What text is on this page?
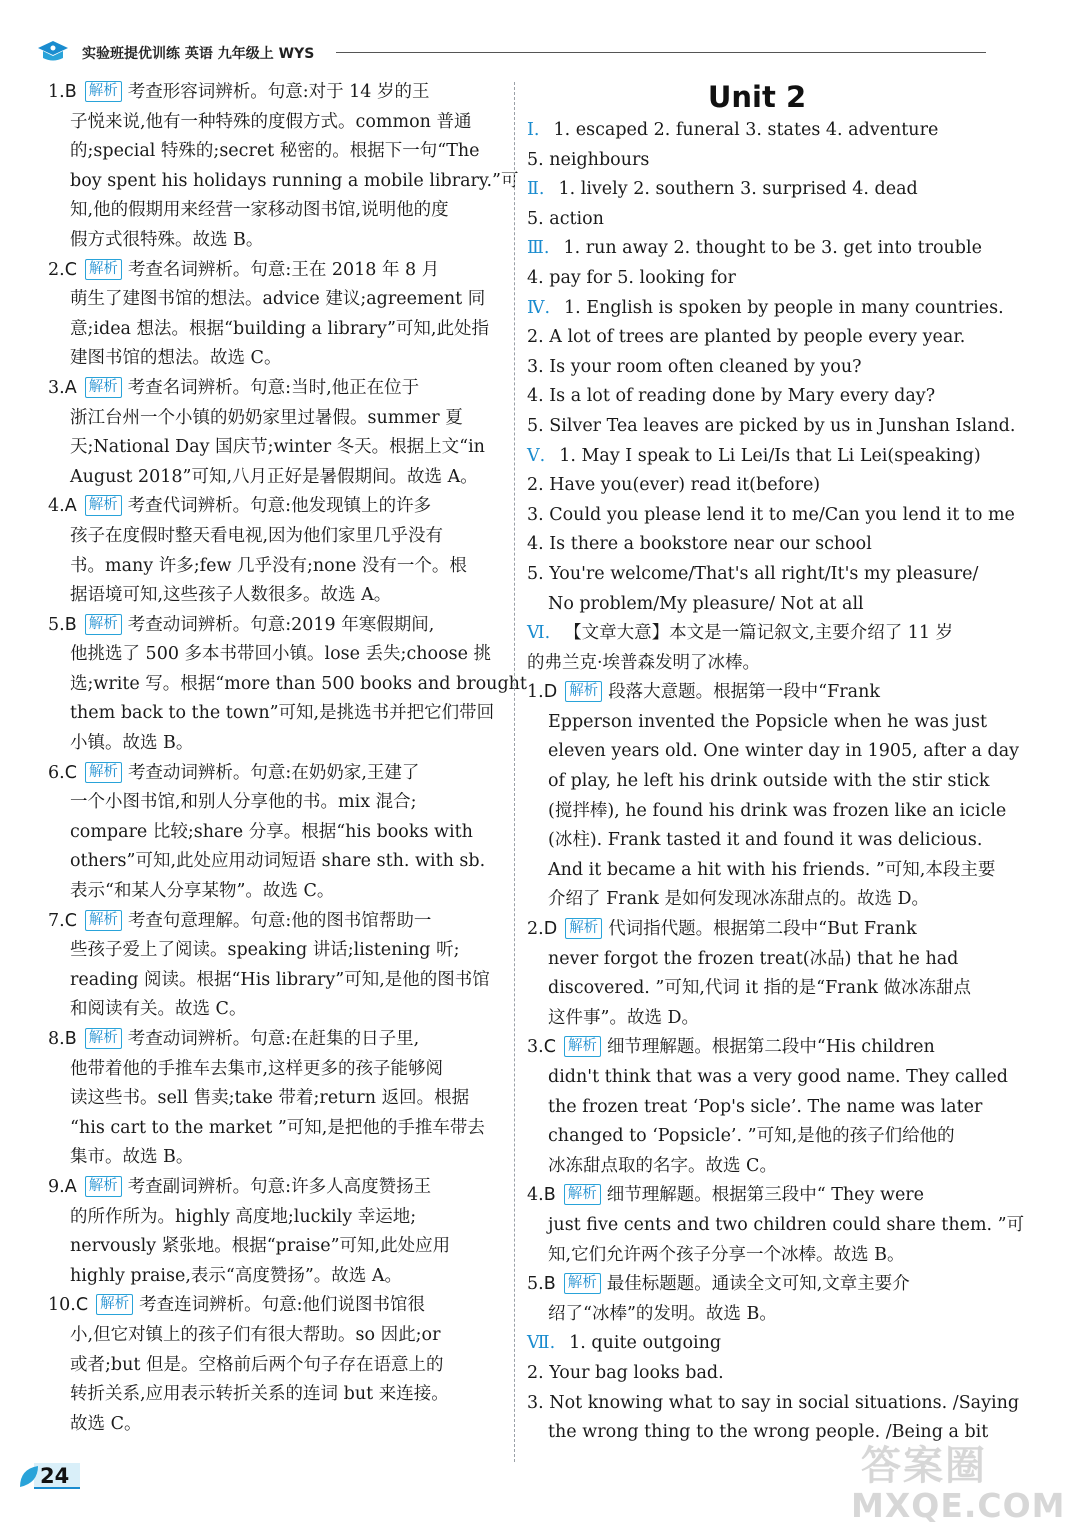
实验班提优训练 英语 九年级上 WYS
1.B 解析 考查形容词辨析。句意:对于 14 岁的王
子悦来说,他有一种特殊的度假方式。common 普通
的;special 特殊的;secret 秘密的。根据下一句“The
boy spent his holidays running a mobile library.”可
知,他的假期用来经营一家移动图书馆,说明他的度
假方式很特殊。故选 B。
2.C 解析 考查名词辨析。句意:王在 2018 年 8 月
萌生了建图书馆的想法。advice 建议;agreement 同
意;idea 想法。根据“building a library”可知,此处指
建图书馆的想法。故选 C。
3.A 解析 考查名词辨析。句意:当时,他正在位于
浙江台州一个小镇的奶奶家里过暑假。summer 夏
天;National Day 国庆节;winter 冬天。根据上文“in
August 2018”可知,八月正好是暑假期间。故选 A。
4.A 解析 考查代词辨析。句意:他发现镇上的许多
孩子在度假时整天看电视,因为他们家里几乎没有
书。many 许多;few 几乎没有;none 没有一个。根
据语境可知,这些孩子人数很多。故选 A。
5.B 解析 考查动词辨析。句意:2019 年寒假期间,
他挑选了 500 多本书带回小镇。lose 丢失;choose 挑
选;write 写。根据“more than 500 books and brought
them back to the town”可知,是挑选书并把它们带回
小镇。故选 B。
6.C 解析 考查动词辨析。句意:在奶奶家,王建了
一个小图书馆,和别人分享他的书。mix 混合;
compare 比较;share 分享。根据“his books with
others”可知,此处应用动词短语 share sth. with sb.
表示“和某人分享某物”。故选 C。
7.C 解析 考查句意理解。句意:他的图书馆帮助一
些孩子爱上了阅读。speaking 讲话;listening 听;
reading 阅读。根据“His library”可知,是他的图书馆
和阅读有关。故选 C。
8.B 解析 考查动词辨析。句意:在赶集的日子里,
他带着他的手推车去集市,这样更多的孩子能够阅
读这些书。sell 售卖;take 带着;return 返回。根据
“his cart to the market ”可知,是把他的手推车带去
集市。故选 B。
9.A 解析 考查副词辨析。句意:许多人高度赞扬王
的所作所为。highly 高度地;luckily 幸运地;
nervously 紧张地。根据“praise”可知,此处应用
highly praise,表示“高度赞扬”。故选 A。
10.C 解析 考查连词辨析。句意:他们说图书馆很
小,但它对镇上的孩子们有很大帮助。so 因此;or
或者;but 但是。空格前后两个句子存在语意上的
转折关系,应用表示转折关系的连词 but 来连接。
故选 C。
Unit 2
Ⅰ. 1. escaped 2. funeral 3. states 4. adventure
5. neighbours
Ⅱ. 1. lively 2. southern 3. surprised 4. dead
5. action
Ⅲ. 1. run away 2. thought to be 3. get into trouble
4. pay for 5. looking for
Ⅳ. 1. English is spoken by people in many countries.
2. A lot of trees are planted by people every year.
3. Is your room often cleaned by you?
4. Is a lot of reading done by Mary every day?
5. Silver Tea leaves are picked by us in Junshan Island.
Ⅴ. 1. May I speak to Li Lei/Is that Li Lei(speaking)
2. Have you(ever) read it(before)
3. Could you please lend it to me/Can you lend it to me
4. Is there a bookstore near our school
5. You're welcome/That's all right/It's my pleasure/
No problem/My pleasure/ Not at all
Ⅵ. 【文章大意】本文是一篇记叙文,主要介绍了 11 岁
的弗兰克·埃普森发明了冰棒。
1.D 解析 段落大意题。根据第一段中“Frank
Epperson invented the Popsicle when he was just
eleven years old. One winter day in 1905, after a day
of play, he left his drink outside with the stir stick
(搅拌棒), he found his drink was frozen like an icicle
(冰柱). Frank tasted it and found it was delicious.
And it became a hit with his friends. ”可知,本段主要
介绍了 Frank 是如何发现冰冻甜点的。故选 D。
2.D 解析 代词指代题。根据第二段中“But Frank
never forgot the frozen treat(冰品) that he had
discovered. ”可知,代词 it 指的是“Frank 做冰冻甜点
这件事”。故选 D。
3.C 解析 细节理解题。根据第二段中“His children
didn't think that was a very good name. They called
the frozen treat ‘Pop's sicle’. The name was later
changed to ‘Popsicle’. ”可知,是他的孩子们给他的
冰冻甜点取的名字。故选 C。
4.B 解析 细节理解题。根据第三段中“ They were
just five cents and two children could share them. ”可
知,它们允许两个孩子分享一个冰棒。故选 B。
5.B 解析 最佳标题题。通读全文可知,文章主要介
绍了“冰棒”的发明。故选 B。
Ⅶ. 1. quite outgoing
2. Your bag looks bad.
3. Not knowing what to say in social situations. /Saying
the wrong thing to the wrong people. /Being a bit
24	答案圈
MXQE.COM
